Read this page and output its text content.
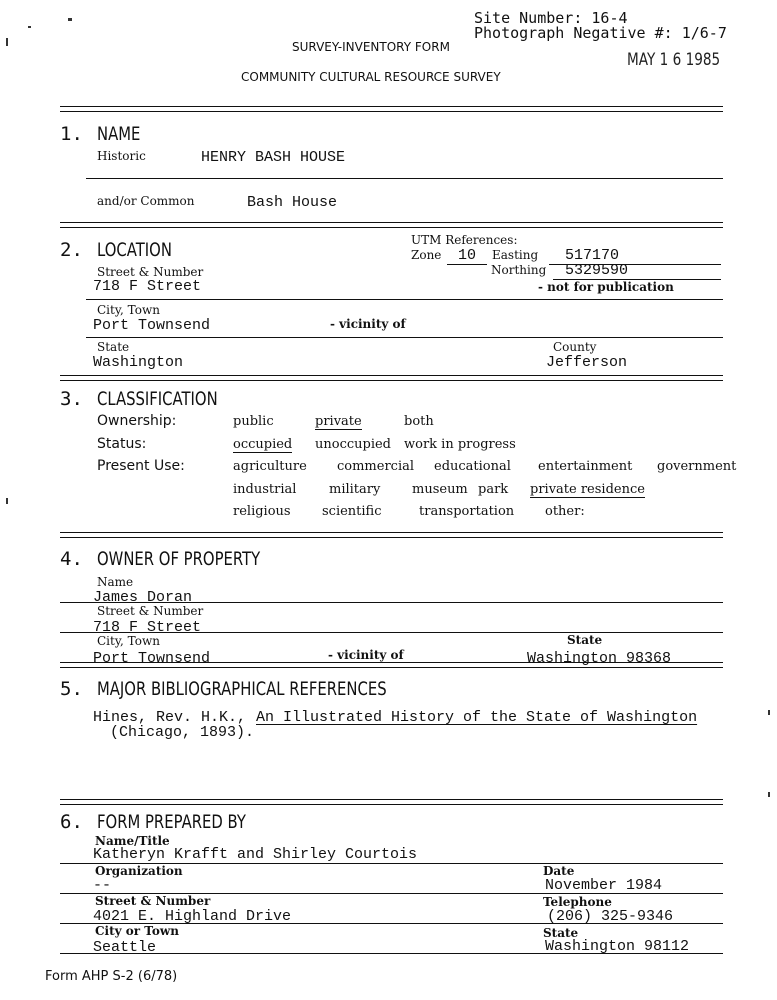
Site Number: 16-4
Photograph Negative #: 1/6-7
SURVEY-INVENTORY FORM
MAY 1 6 1985
COMMUNITY CULTURAL RESOURCE SURVEY
1. NAME
Historic	HENRY BASH HOUSE
and/or Common	Bash House
2. LOCATION	UTM References:
Zone	10	Easting	517170
Northing	5329590
- not for publication
Street & Number
718 F Street
City, Town
Port Townsend	- vicinity of
State
Washington
County
Jefferson
3. CLASSIFICATION
Ownership:	public	private	both
Status:	occupied unoccupied work in progress
Present Use:	agriculture commercial educational entertainment government
industrial	military museum park private residence
religious scientific	transportation other:
4. OWNER OF PROPERTY
Name
James Doran
Street & Number
718 F Street
City, Town
Port Townsend	- vicinity of
State
Washington 98368
5. MAJOR BIBLIOGRAPHICAL REFERENCES
Hines, Rev. H.K., An Illustrated History of the State of Washington
(Chicago, 1893).
6. FORM PREPARED BY
Name/Title
Katheryn Krafft and Shirley Courtois
Organization
--
Date
November 1984
Street & Number
4021 E. Highland Drive
Telephone
(206) 325-9346
City or Town
Seattle
State
Washington 98112
Form AHP S-2 (6/78)
